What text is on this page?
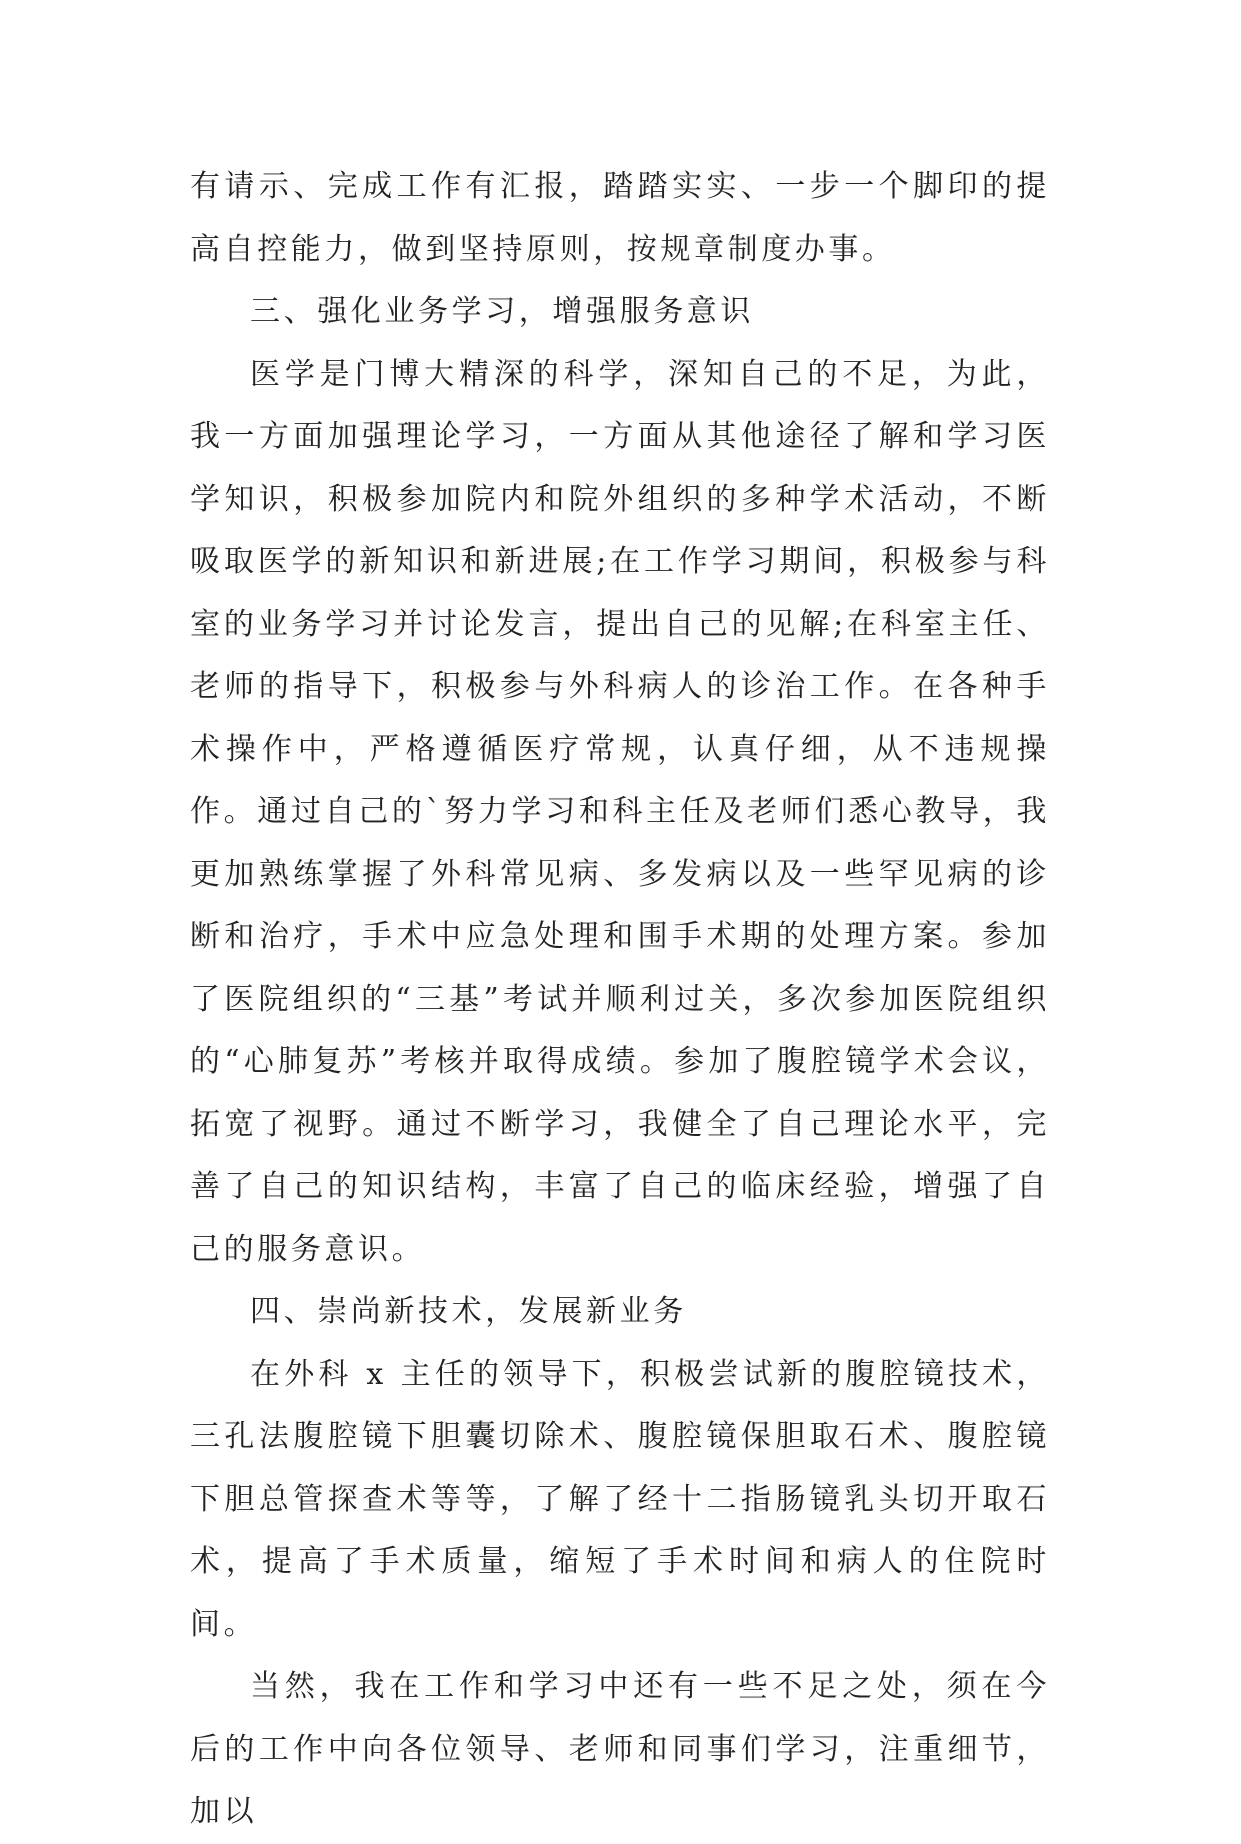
有请示、完成工作有汇报，踏踏实实、一步一个脚印的提高自控能力，做到坚持原则，按规章制度办事。

三、强化业务学习，增强服务意识

医学是门博大精深的科学，深知自己的不足，为此，我一方面加强理论学习，一方面从其他途径了解和学习医学知识，积极参加院内和院外组织的多种学术活动，不断吸取医学的新知识和新进展;在工作学习期间，积极参与科室的业务学习并讨论发言，提出自己的见解;在科室主任、老师的指导下，积极参与外科病人的诊治工作。在各种手术操作中，严格遵循医疗常规，认真仔细，从不违规操作。通过自己的`努力学习和科主任及老师们悉心教导，我更加熟练掌握了外科常见病、多发病以及一些罕见病的诊断和治疗，手术中应急处理和围手术期的处理方案。参加了医院组织的“三基”考试并顺利过关，多次参加医院组织的“心肺复苏”考核并取得成绩。参加了腹腔镜学术会议，拓宽了视野。通过不断学习，我健全了自己理论水平，完善了自己的知识结构，丰富了自己的临床经验，增强了自己的服务意识。

四、崇尚新技术，发展新业务

在外科 x 主任的领导下，积极尝试新的腹腔镜技术，三孔法腹腔镜下胆囊切除术、腹腔镜保胆取石术、腹腔镜下胆总管探查术等等，了解了经十二指肠镜乳头切开取石术，提高了手术质量，缩短了手术时间和病人的住院时间。

当然，我在工作和学习中还有一些不足之处，须在今后的工作中向各位领导、老师和同事们学习，注重细节，加以
